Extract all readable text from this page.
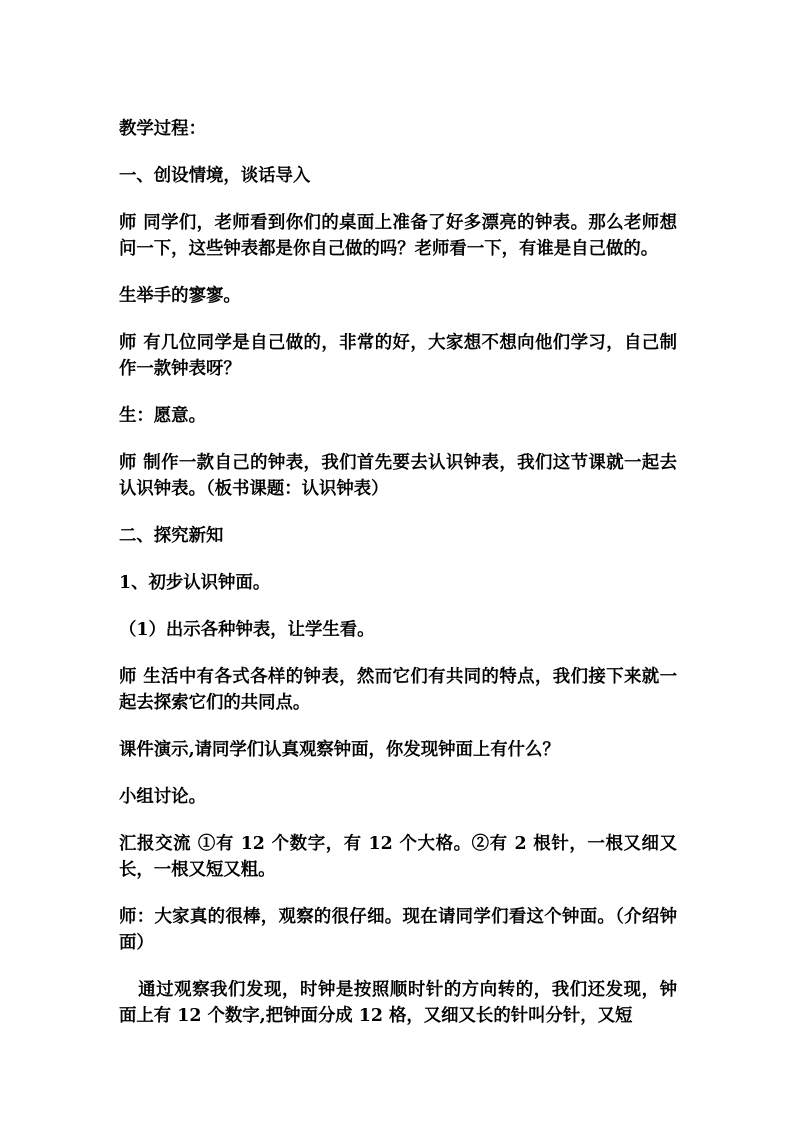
教学过程：

一、创设情境，谈话导入

师 同学们，老师看到你们的桌面上准备了好多漂亮的钟表。那么老师想问一下，这些钟表都是你自己做的吗？老师看一下，有谁是自己做的。

生举手的寥寥。

师 有几位同学是自己做的，非常的好，大家想不想向他们学习，自己制作一款钟表呀？

生：愿意。

师 制作一款自己的钟表，我们首先要去认识钟表，我们这节课就一起去认识钟表。（板书课题：认识钟表）

二、探究新知

1、初步认识钟面。

（1）出示各种钟表，让学生看。

师 生活中有各式各样的钟表，然而它们有共同的特点，我们接下来就一起去探索它们的共同点。

课件演示,请同学们认真观察钟面，你发现钟面上有什么？

小组讨论。

汇报交流 ①有 12 个数字，有 12 个大格。②有 2 根针，一根又细又长，一根又短又粗。

师：大家真的很棒，观察的很仔细。现在请同学们看这个钟面。（介绍钟面）

通过观察我们发现，时钟是按照顺时针的方向转的，我们还发现，钟面上有 12 个数字,把钟面分成 12 格，又细又长的针叫分针，又短
